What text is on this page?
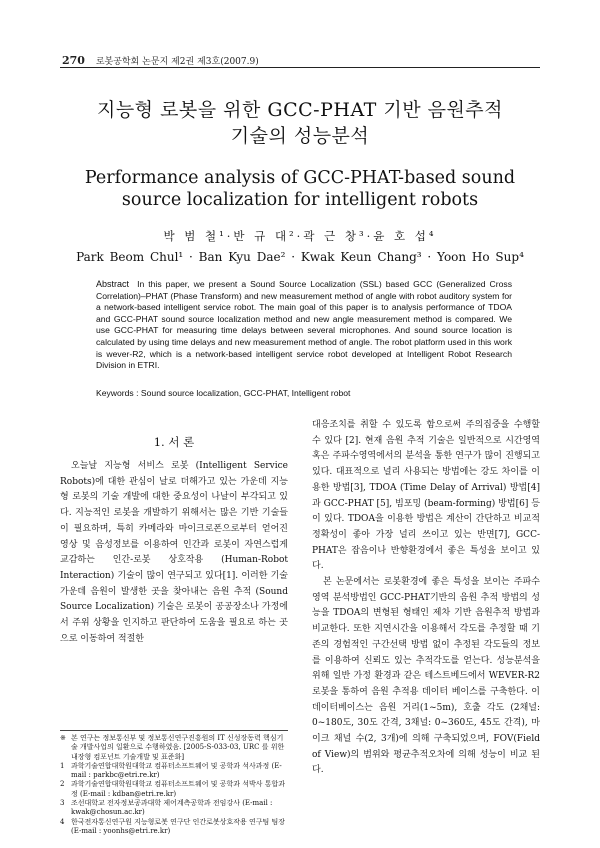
270 로봇공학회 논문지 제2권 제3호(2007.9)
지능형 로봇을 위한 GCC-PHAT 기반 음원추적
기술의 성능분석
Performance analysis of GCC-PHAT-based sound
source localization for intelligent robots
박 범 철¹·반 규 대²·곽 근 창³·윤 호 섭⁴
Park Beom Chul¹ · Ban Kyu Dae² · Kwak Keun Chang³ · Yoon Ho Sup⁴
Abstract In this paper, we present a Sound Source Localization (SSL) based GCC (Generalized Cross Correlation)–PHAT (Phase Transform) and new measurement method of angle with robot auditory system for a network-based intelligent service robot. The main goal of this paper is to analysis performance of TDOA and GCC-PHAT sound source localization method and new angle measurement method is compared. We use GCC-PHAT for measuring time delays between several microphones. And sound source location is calculated by using time delays and new measurement method of angle. The robot platform used in this work is wever-R2, which is a network-based intelligent service robot developed at Intelligent Robot Research Division in ETRI.
Keywords : Sound source localization, GCC-PHAT, Intelligent robot
1. 서 론

오늘날 지능형 서비스 로봇 (Intelligent Service Robots)에 대한 관심이 날로 더해가고 있는 가운데 지능형 로봇의 기술 개발에 대한 중요성이 나날이 부각되고 있다. 지능적인 로봇을 개발하기 위해서는 많은 기반 기술들이 필요하며, 특히 카메라와 마이크로폰으로부터 얻어진 영상 및 음성정보를 이용하여 인간과 로봇이 자연스럽게 교감하는 인간-로봇 상호작용 (Human-Robot Interaction) 기술이 많이 연구되고 있다[1]. 이러한 기술 가운데 음원이 발생한 곳을 찾아내는 음원 추적 (Sound Source Localization) 기술은 로봇이 공공장소나 가정에서 주위 상황을 인지하고 판단하여 도움을 필요로 하는 곳으로 이동하여 적절한

대응조치를 취할 수 있도록 함으로써 주의집중을 수행할 수 있다 [2]. 현재 음원 추적 기술은 일반적으로 시간영역 혹은 주파수영역에서의 분석을 통한 연구가 많이 진행되고 있다. 대표적으로 널리 사용되는 방법에는 강도 차이를 이용한 방법[3], TDOA (Time Delay of Arrival) 방법[4]과 GCC-PHAT [5], 빔포밍 (beam-forming) 방법[6] 등이 있다. TDOA을 이용한 방법은 계산이 간단하고 비교적 정확성이 좋아 가장 널리 쓰이고 있는 반면[7], GCC-PHAT은 잡음이나 반향환경에서 좋은 특성을 보이고 있다.

본 논문에서는 로봇환경에 좋은 특성을 보이는 주파수영역 분석방법인 GCC-PHAT기반의 음원 추적 방법의 성능을 TDOA의 변형된 형태인 제차 기반 음원추적 방법과 비교한다. 또한 지연시간을 이용해서 각도를 추정할 때 기존의 경험적인 구간선택 방법 없이 추정된 각도들의 정보를 이용하여 신뢰도 있는 추적각도를 얻는다. 성능분석을 위해 일반 가정 환경과 같은 테스트베드에서 WEVER-R2 로봇을 통하여 음원 추적용 데이터 베이스를 구축한다. 이 데이터베이스는 음원 거리(1~5m), 호출 각도 (2채널: 0~180도, 30도 간격, 3채널: 0~360도, 45도 간격), 마이크 채널 수(2, 3개)에 의해 구축되었으며, FOV(Field of View)의 범위와 평균추적오차에 의해 성능이 비교 된다.

※ 본 연구는 정보통신부 및 정보통신연구진흥원의 IT 신성장동력 핵심기술 개발사업의 일환으로 수행하였음. [2005-S-033-03, URC 를 위한 내장형 컴포넌트 기술개발 및 표준화]
1 과학기술연합대학원대학교 컴퓨터소프트웨어 및 공학과 석사과정 (E-mail : parkbc@etri.re.kr)
2 과학기술연합대학원대학교 컴퓨터소프트웨어 및 공학과 석박사 통합과정 (E-mail : kdban@etri.re.kr)
3 조선대학교 전자정보공과대학 제어계측공학과 전임강사 (E-mail : kwak@chosun.ac.kr)
4 한국전자통신연구원 지능형로봇 연구단 인간로봇상호작용 연구팀 팀장 (E-mail : yoonhs@etri.re.kr)
